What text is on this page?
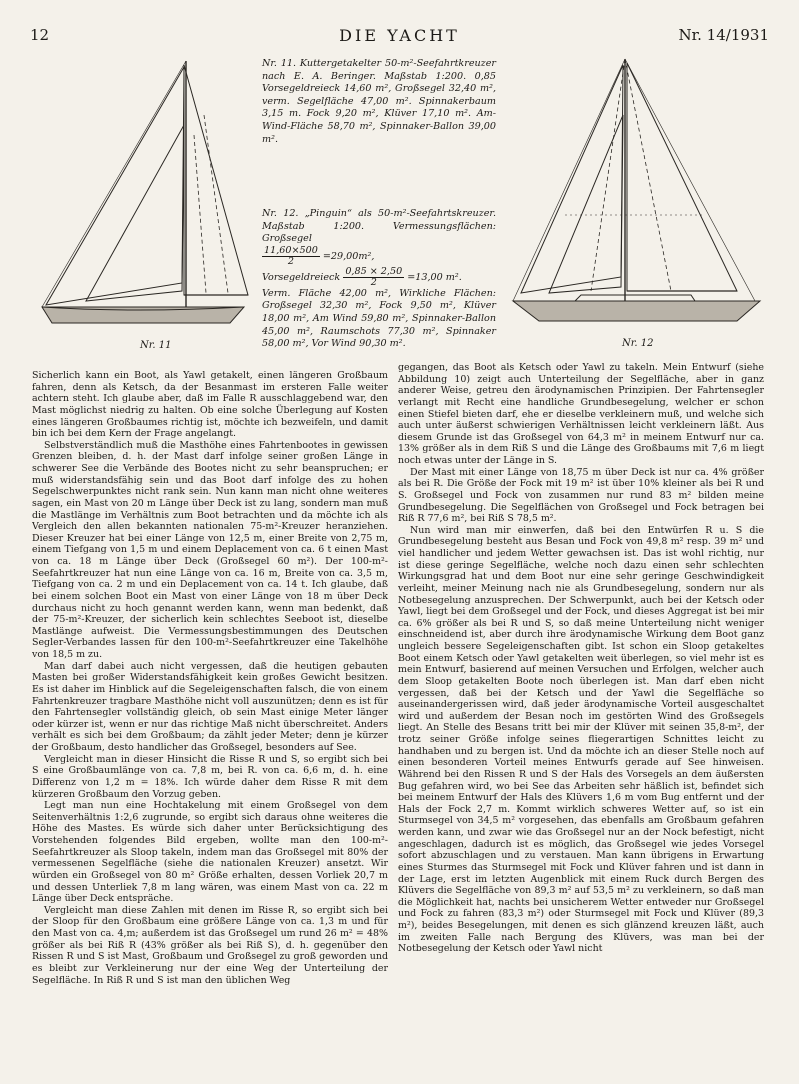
12	DIE YACHT	Nr. 14/1931
Nr. 11

Nr. 11. Kuttergetakelter 50-m²-Seefahrtkreuzer nach E. A. Beringer. Maßstab 1:200. 0,85 Vorsegeldreieck 14,60 m², Großsegel 32,40 m², verm. Segelfläche 47,00 m². Spinnakerbaum 3,15 m. Fock 9,20 m², Klüver 17,10 m². Am-Wind-Fläche 58,70 m², Spinnaker-Ballon 39,00 m².

Nr. 12. „Pinguin“ als 50-m²-Seefahrtskreuzer. Maßstab 1:200. Vermessungsflächen: Großsegel

$\frac{11,60\times 500}{2} =29,00m^2$,

Vorsegeldreieck $\frac{0,85 \times 2,50}{2} =13,00$ m².

Verm. Fläche 42,00 m², Wirkliche Flächen: Großsegel 32,30 m², Fock 9,50 m², Klüver 18,00 m², Am Wind 59,80 m², Spinnaker-Ballon 45,00 m², Raumschots 77,30 m², Spinnaker 58,00 m², Vor Wind 90,30 m².	Nr. 12

Sicherlich kann ein Boot, als Yawl getakelt, einen längeren Großbaum fahren, denn als Ketsch, da der Besanmast im ersteren Falle weiter achtern steht. Ich glaube aber, daß im Falle R ausschlaggebend war, den Mast möglichst niedrig zu halten. Ob eine solche Überlegung auf Kosten eines längeren Großbaumes richtig ist, möchte ich bezweifeln, und damit bin ich bei dem Kern der Frage angelangt.

Selbstverständlich muß die Masthöhe eines Fahrtenbootes in gewissen Grenzen bleiben, d. h. der Mast darf infolge seiner großen Länge in schwerer See die Verbände des Bootes nicht zu sehr beanspruchen; er muß widerstandsfähig sein und das Boot darf infolge des zu hohen Segelschwerpunktes nicht rank sein. Nun kann man nicht ohne weiteres sagen, ein Mast von 20 m Länge über Deck ist zu lang, sondern man muß die Mastlänge im Verhältnis zum Boot betrachten und da möchte ich als Vergleich den allen bekannten nationalen 75-m²-Kreuzer heranziehen. Dieser Kreuzer hat bei einer Länge von 12,5 m, einer Breite von 2,75 m, einem Tiefgang von 1,5 m und einem Deplacement von ca. 6 t einen Mast von ca. 18 m Länge über Deck (Großsegel 60 m²). Der 100-m²-Seefahrtkreuzer hat nun eine Länge von ca. 16 m, Breite von ca. 3,5 m, Tiefgang von ca. 2 m und ein Deplacement von ca. 14 t. Ich glaube, daß bei einem solchen Boot ein Mast von einer Länge von 18 m über Deck durchaus nicht zu hoch genannt werden kann, wenn man bedenkt, daß der 75-m²-Kreuzer, der sicherlich kein schlechtes Seeboot ist, dieselbe Mastlänge aufweist. Die Vermessungsbestimmungen des Deutschen Segler-Verbandes lassen für den 100-m²-Seefahrtkreuzer eine Takelhöhe von 18,5 m zu.

Man darf dabei auch nicht vergessen, daß die heutigen gebauten Masten bei großer Widerstandsfähigkeit kein großes Gewicht besitzen. Es ist daher im Hinblick auf die Segeleigenschaften falsch, die von einem Fahrtenkreuzer tragbare Masthöhe nicht voll auszunützen; denn es ist für den Fahrtensegler vollständig gleich, ob sein Mast einige Meter länger oder kürzer ist, wenn er nur das richtige Maß nicht überschreitet. Anders verhält es sich bei dem Großbaum; da zählt jeder Meter; denn je kürzer der Großbaum, desto handlicher das Großsegel, besonders auf See.

Vergleicht man in dieser Hinsicht die Risse R und S, so ergibt sich bei S eine Großbaumlänge von ca. 7,8 m, bei R. von ca. 6,6 m, d. h. eine Differenz von 1,2 m = 18%. Ich würde daher dem Risse R mit dem kürzeren Großbaum den Vorzug geben.

Legt man nun eine Hochtakelung mit einem Großsegel von dem Seitenverhältnis 1:2,6 zugrunde, so ergibt sich daraus ohne weiteres die Höhe des Mastes. Es würde sich daher unter Berücksichtigung des Vorstehenden folgendes Bild ergeben, wollte man den 100-m²-Seefahrtkreuzer als Sloop takeln, indem man das Großsegel mit 80% der vermessenen Segelfläche (siehe die nationalen Kreuzer) ansetzt. Wir würden ein Großsegel von 80 m² Größe erhalten, dessen Vorliek 20,7 m und dessen Unterliek 7,8 m lang wären, was einem Mast von ca. 22 m Länge über Deck entspräche.

Vergleicht man diese Zahlen mit denen im Risse R, so ergibt sich bei der Sloop für den Großbaum eine größere Länge von ca. 1,3 m und für den Mast von ca. 4,m; außerdem ist das Großsegel um rund 26 m² = 48% größer als bei Riß R (43% größer als bei Riß S), d. h. gegenüber den Rissen R und S ist Mast, Großbaum und Großsegel zu groß geworden und es bleibt zur Verkleinerung nur der eine Weg der Unterteilung der Segelfläche. In Riß R und S ist man den üblichen Weg

gegangen, das Boot als Ketsch oder Yawl zu takeln. Mein Entwurf (siehe Abbildung 10) zeigt auch Unterteilung der Segelfläche, aber in ganz anderer Weise, getreu den ärodynamischen Prinzipien. Der Fahrtensegler verlangt mit Recht eine handliche Grundbesegelung, welcher er schon einen Stiefel bieten darf, ehe er dieselbe verkleinern muß, und welche sich auch unter äußerst schwierigen Verhältnissen leicht verkleinern läßt. Aus diesem Grunde ist das Großsegel von 64,3 m² in meinem Entwurf nur ca. 13% größer als in dem Riß S und die Länge des Großbaums mit 7,6 m liegt noch etwas unter der Länge in S.

Der Mast mit einer Länge von 18,75 m über Deck ist nur ca. 4% größer als bei R. Die Größe der Fock mit 19 m² ist über 10% kleiner als bei R und S. Großsegel und Fock von zusammen nur rund 83 m² bilden meine Grundbesegelung. Die Segelflächen von Großsegel und Fock betragen bei Riß R 77,6 m², bei Riß S 78,5 m².

Nun wird man mir einwerfen, daß bei den Entwürfen R u. S die Grundbesegelung besteht aus Besan und Fock von 49,8 m² resp. 39 m² und viel handlicher und jedem Wetter gewachsen ist. Das ist wohl richtig, nur ist diese geringe Segelfläche, welche noch dazu einen sehr schlechten Wirkungsgrad hat und dem Boot nur eine sehr geringe Geschwindigkeit verleiht, meiner Meinung nach nie als Grundbesegelung, sondern nur als Notbesegelung anzusprechen. Der Schwerpunkt, auch bei der Ketsch oder Yawl, liegt bei dem Großsegel und der Fock, und dieses Aggregat ist bei mir ca. 6% größer als bei R und S, so daß meine Unterteilung nicht weniger einschneidend ist, aber durch ihre ärodynamische Wirkung dem Boot ganz ungleich bessere Segeleigenschaften gibt. Ist schon ein Sloop getakeltes Boot einem Ketsch oder Yawl getakelten weit überlegen, so viel mehr ist es mein Entwurf, basierend auf meinen Versuchen und Erfolgen, welcher auch dem Sloop getakelten Boote noch überlegen ist. Man darf eben nicht vergessen, daß bei der Ketsch und der Yawl die Segelfläche so auseinandergerissen wird, daß jeder ärodynamische Vorteil ausgeschaltet wird und außerdem der Besan noch im gestörten Wind des Großsegels liegt. An Stelle des Besans tritt bei mir der Klüver mit seinen 35,8-m², der trotz seiner Größe infolge seines fliegerartigen Schnittes leicht zu handhaben und zu bergen ist. Und da möchte ich an dieser Stelle noch auf einen besonderen Vorteil meines Entwurfs gerade auf See hinweisen. Während bei den Rissen R und S der Hals des Vorsegels an dem äußersten Bug gefahren wird, wo bei See das Arbeiten sehr häßlich ist, befindet sich bei meinem Entwurf der Hals des Klüvers 1,6 m vom Bug entfernt und der Hals der Fock 2,7 m. Kommt wirklich schweres Wetter auf, so ist ein Sturmsegel von 34,5 m² vorgesehen, das ebenfalls am Großbaum gefahren werden kann, und zwar wie das Großsegel nur an der Nock befestigt, nicht angeschlagen, dadurch ist es möglich, das Großsegel wie jedes Vorsegel sofort abzuschlagen und zu verstauen. Man kann übrigens in Erwartung eines Sturmes das Sturmsegel mit Fock und Klüver fahren und ist dann in der Lage, erst im letzten Augenblick mit einem Ruck durch Bergen des Klüvers die Segelfläche von 89,3 m² auf 53,5 m² zu verkleinern, so daß man die Möglichkeit hat, nachts bei unsicherem Wetter entweder nur Großsegel und Fock zu fahren (83,3 m²) oder Sturmsegel mit Fock und Klüver (89,3 m²), beides Besegelungen, mit denen es sich glänzend kreuzen läßt, auch im zweiten Falle nach Bergung des Klüvers, was man bei der Notbesegelung der Ketsch oder Yawl nicht
